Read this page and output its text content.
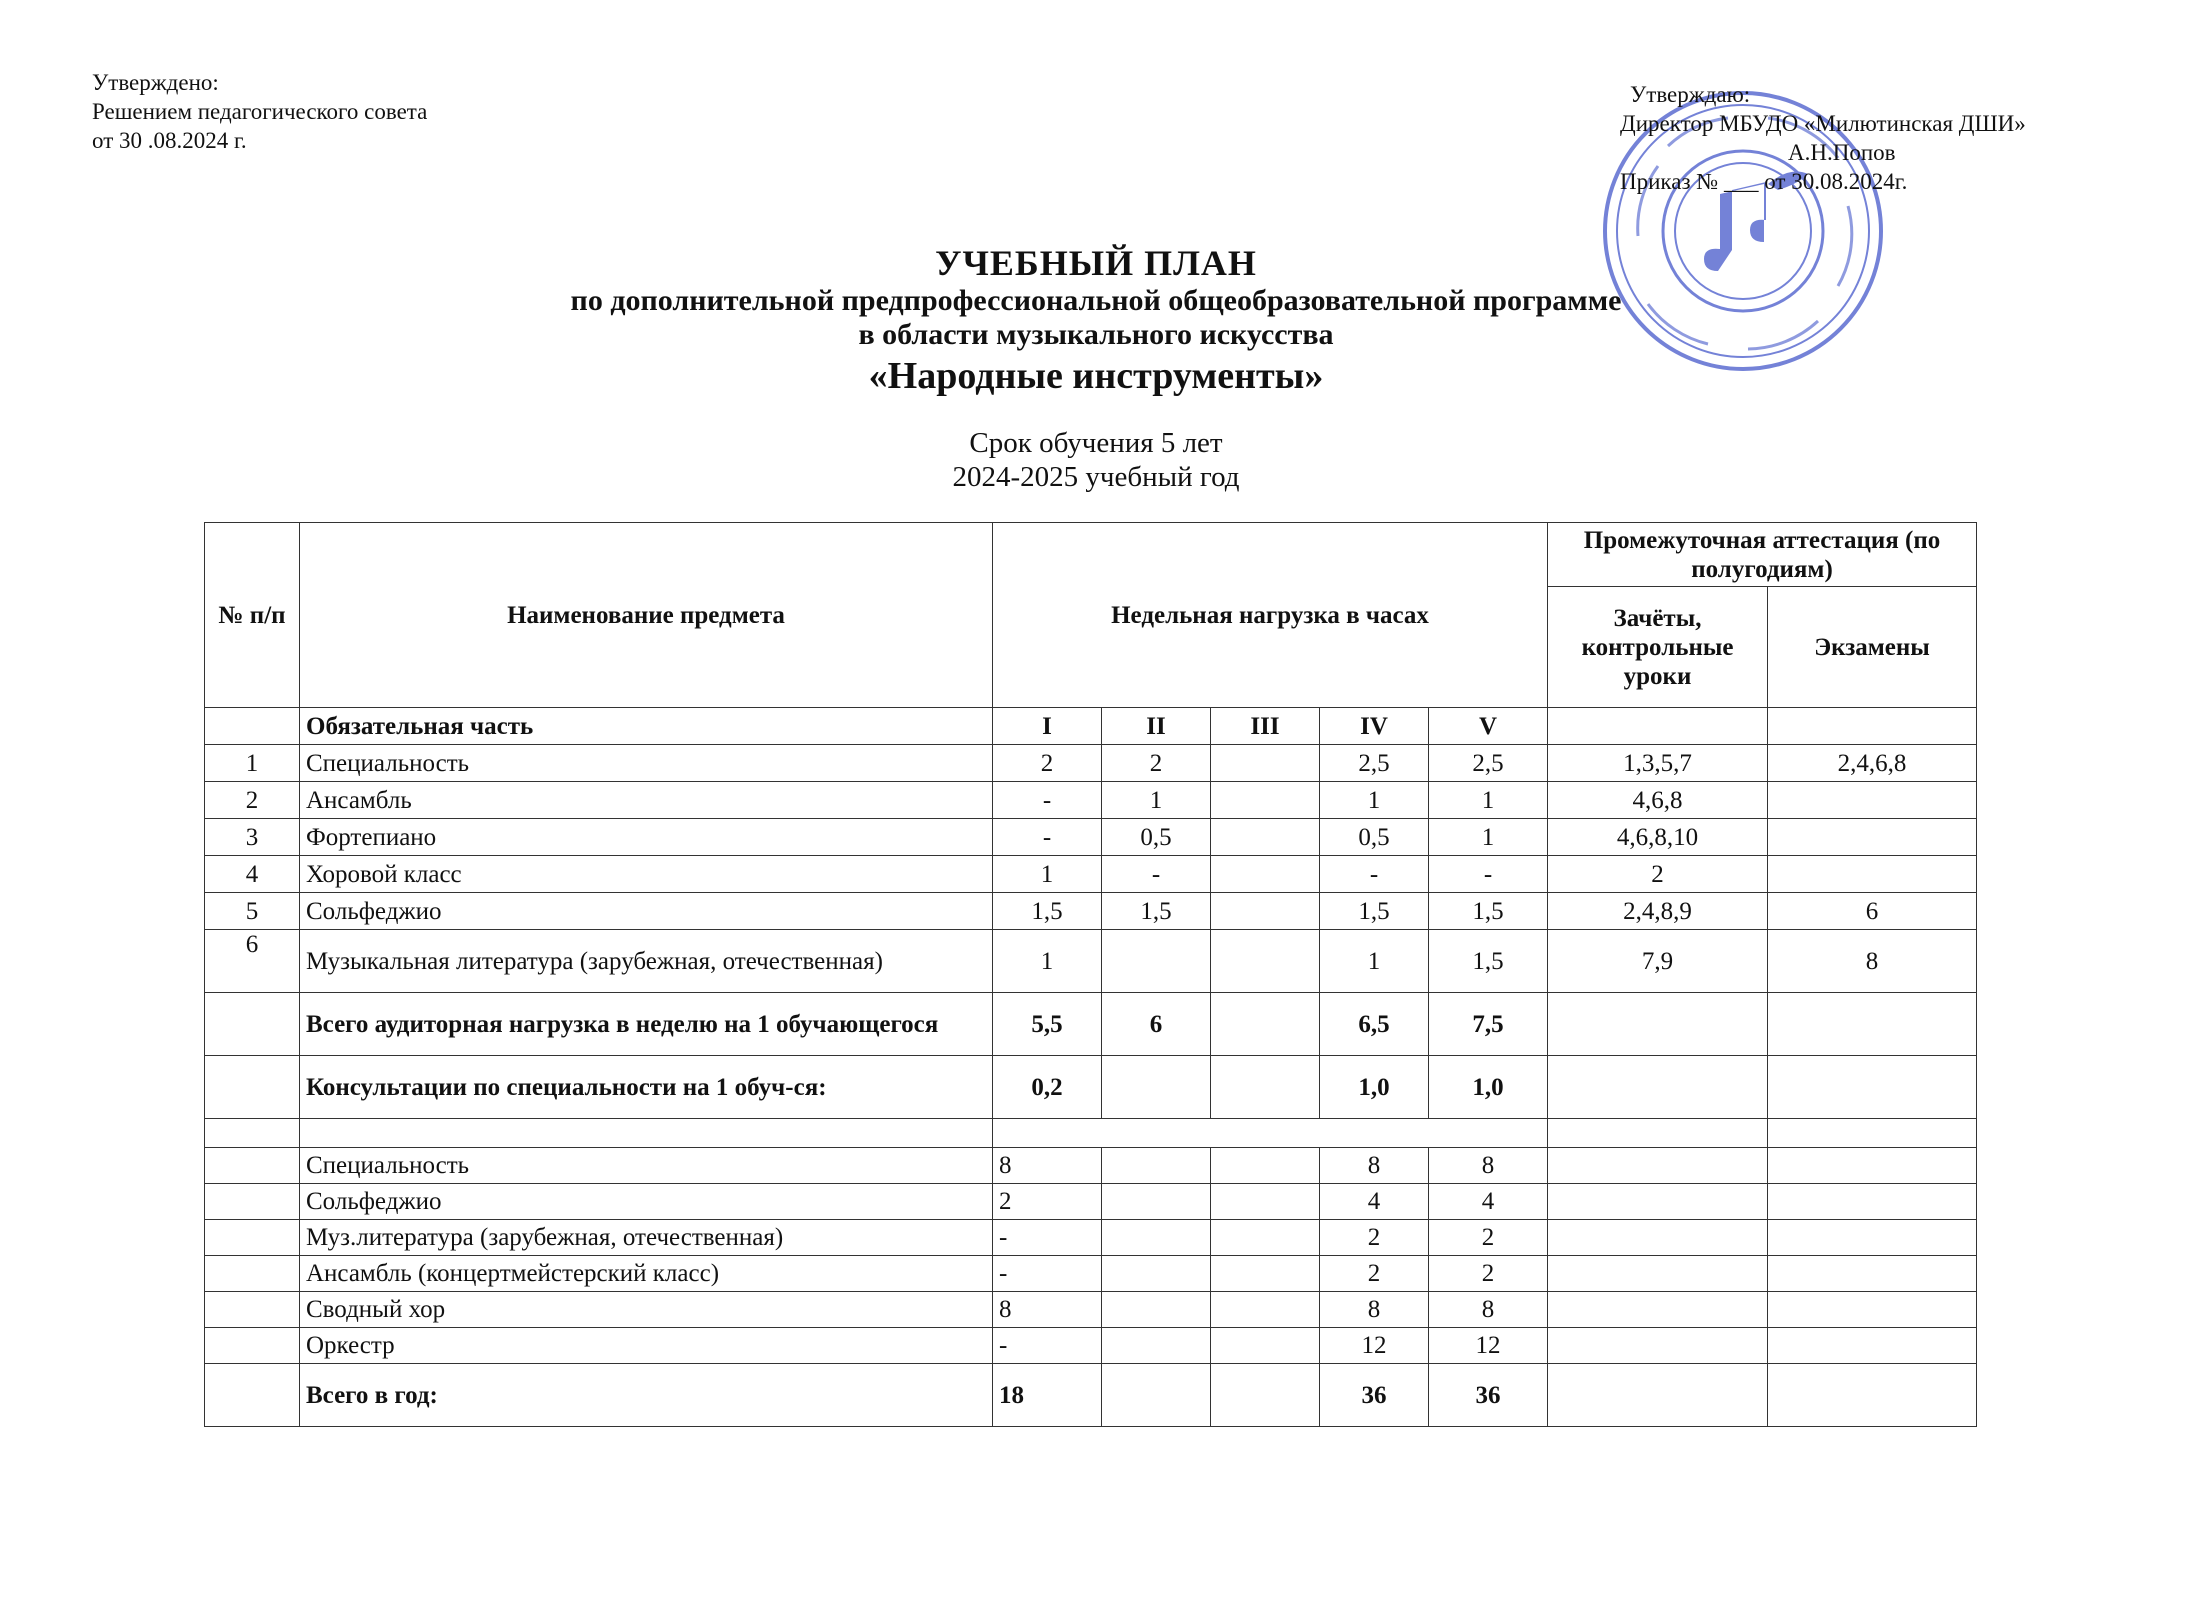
Утверждено:
Решением педагогического совета
от 30 .08.2024 г.
Утверждаю:
Директор МБУДО «Милютинская ДШИ»
А.Н.Попов
Приказ № ___ от 30.08.2024г.
УЧЕБНЫЙ ПЛАН
по дополнительной предпрофессиональной общеобразовательной программе
в области музыкального искусства
«Народные инструменты»
Срок обучения 5 лет
2024-2025 учебный год
№ п/п	Наименование предмета	Недельная нагрузка в часах					Промежуточная аттестация (по полугодиям)	
							Зачёты, контрольные уроки	Экзамены
	Обязательная часть	I	II	III	IV	V		
1	Специальность	2	2		2,5	2,5	1,3,5,7	2,4,6,8
2	Ансамбль	-	1		1	1	4,6,8	
3	Фортепиано	-	0,5		0,5	1	4,6,8,10	
4	Хоровой класс	1	-		-	-	2	
5	Сольфеджио	1,5	1,5		1,5	1,5	2,4,8,9	6
6	Музыкальная литература (зарубежная, отечественная)	1			1	1,5	7,9	8
	Всего аудиторная нагрузка в неделю на 1 обучающегося	5,5	6		6,5	7,5		
	Консультации по специальности на 1 обуч-ся:	0,2			1,0	1,0		

	Специальность	8			8	8		
	Сольфеджио	2			4	4		
	Муз.литература (зарубежная, отечественная)	-			2	2		
	Ансамбль (концертмейстерский класс)	-			2	2		
	Сводный хор	8			8	8		
	Оркестр	-			12	12		
	Всего в год:	18			36	36		
